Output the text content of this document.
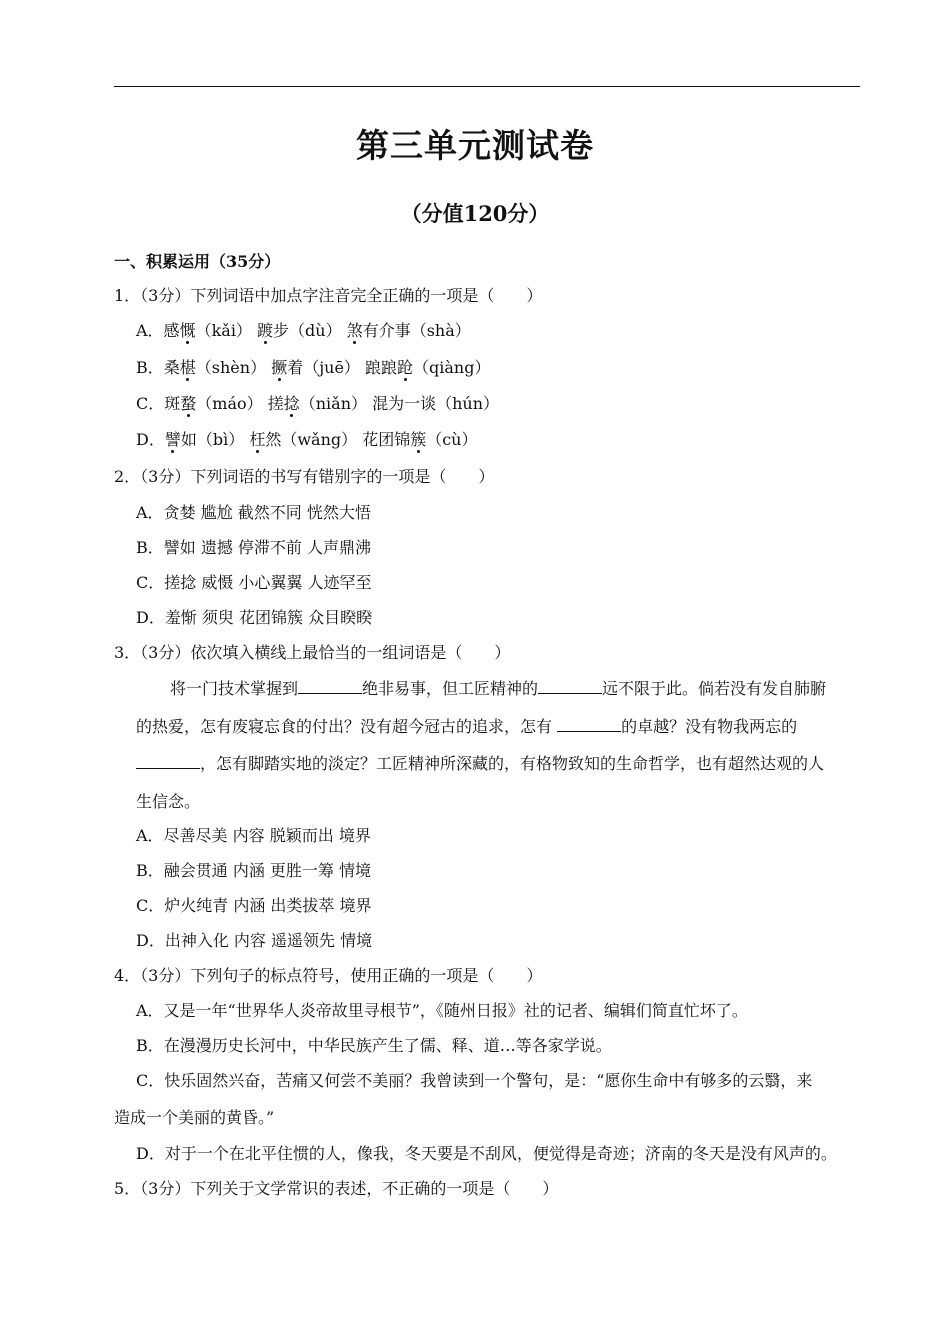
第三单元测试卷
（分值120分）
一、积累运用（35分）
1．（3分）下列词语中加点字注音完全正确的一项是（　　）
A．感慨（kǎi） 踱步（dù） 煞有介事（shà）
B．桑椹（shèn） 撅着（juē） 踉踉跄（qiàng）
C．斑蝥（máo） 搓捻（niǎn） 混为一谈（hún）
D．譬如（bì） 枉然（wǎng） 花团锦簇（cù）
2．（3分）下列词语的书写有错别字的一项是（　　）
A．贪婪 尴尬 截然不同 恍然大悟
B．譬如 遗撼 停滞不前 人声鼎沸
C．搓捻 威慑 小心翼翼 人迹罕至
D．羞惭 须臾 花团锦簇 众目睽睽
3．（3分）依次填入横线上最恰当的一组词语是（　　）
将一门技术掌握到	绝非易事，但工匠精神的	远不限于此。倘若没有发自肺腑
的热爱，怎有废寝忘食的付出？没有超今冠古的追求，怎有	的卓越？没有物我两忘的
，怎有脚踏实地的淡定？工匠精神所深藏的，有格物致知的生命哲学，也有超然达观的人
生信念。
A．尽善尽美 内容 脱颖而出 境界
B．融会贯通 内涵 更胜一筹 情境
C．炉火纯青 内涵 出类拔萃 境界
D．出神入化 内容 遥遥领先 情境
4．（3分）下列句子的标点符号，使用正确的一项是（　　）
A．又是一年“世界华人炎帝故里寻根节”，《随州日报》社的记者、编辑们简直忙坏了。
B．在漫漫历史长河中，中华民族产生了儒、释、道…等各家学说。
C．快乐固然兴奋，苦痛又何尝不美丽？我曾读到一个警句，是：“愿你生命中有够多的云翳，来
造成一个美丽的黄昏。”
D．对于一个在北平住惯的人，像我，冬天要是不刮风，便觉得是奇迹；济南的冬天是没有风声的。
5．（3分）下列关于文学常识的表述，不正确的一项是（　　）
